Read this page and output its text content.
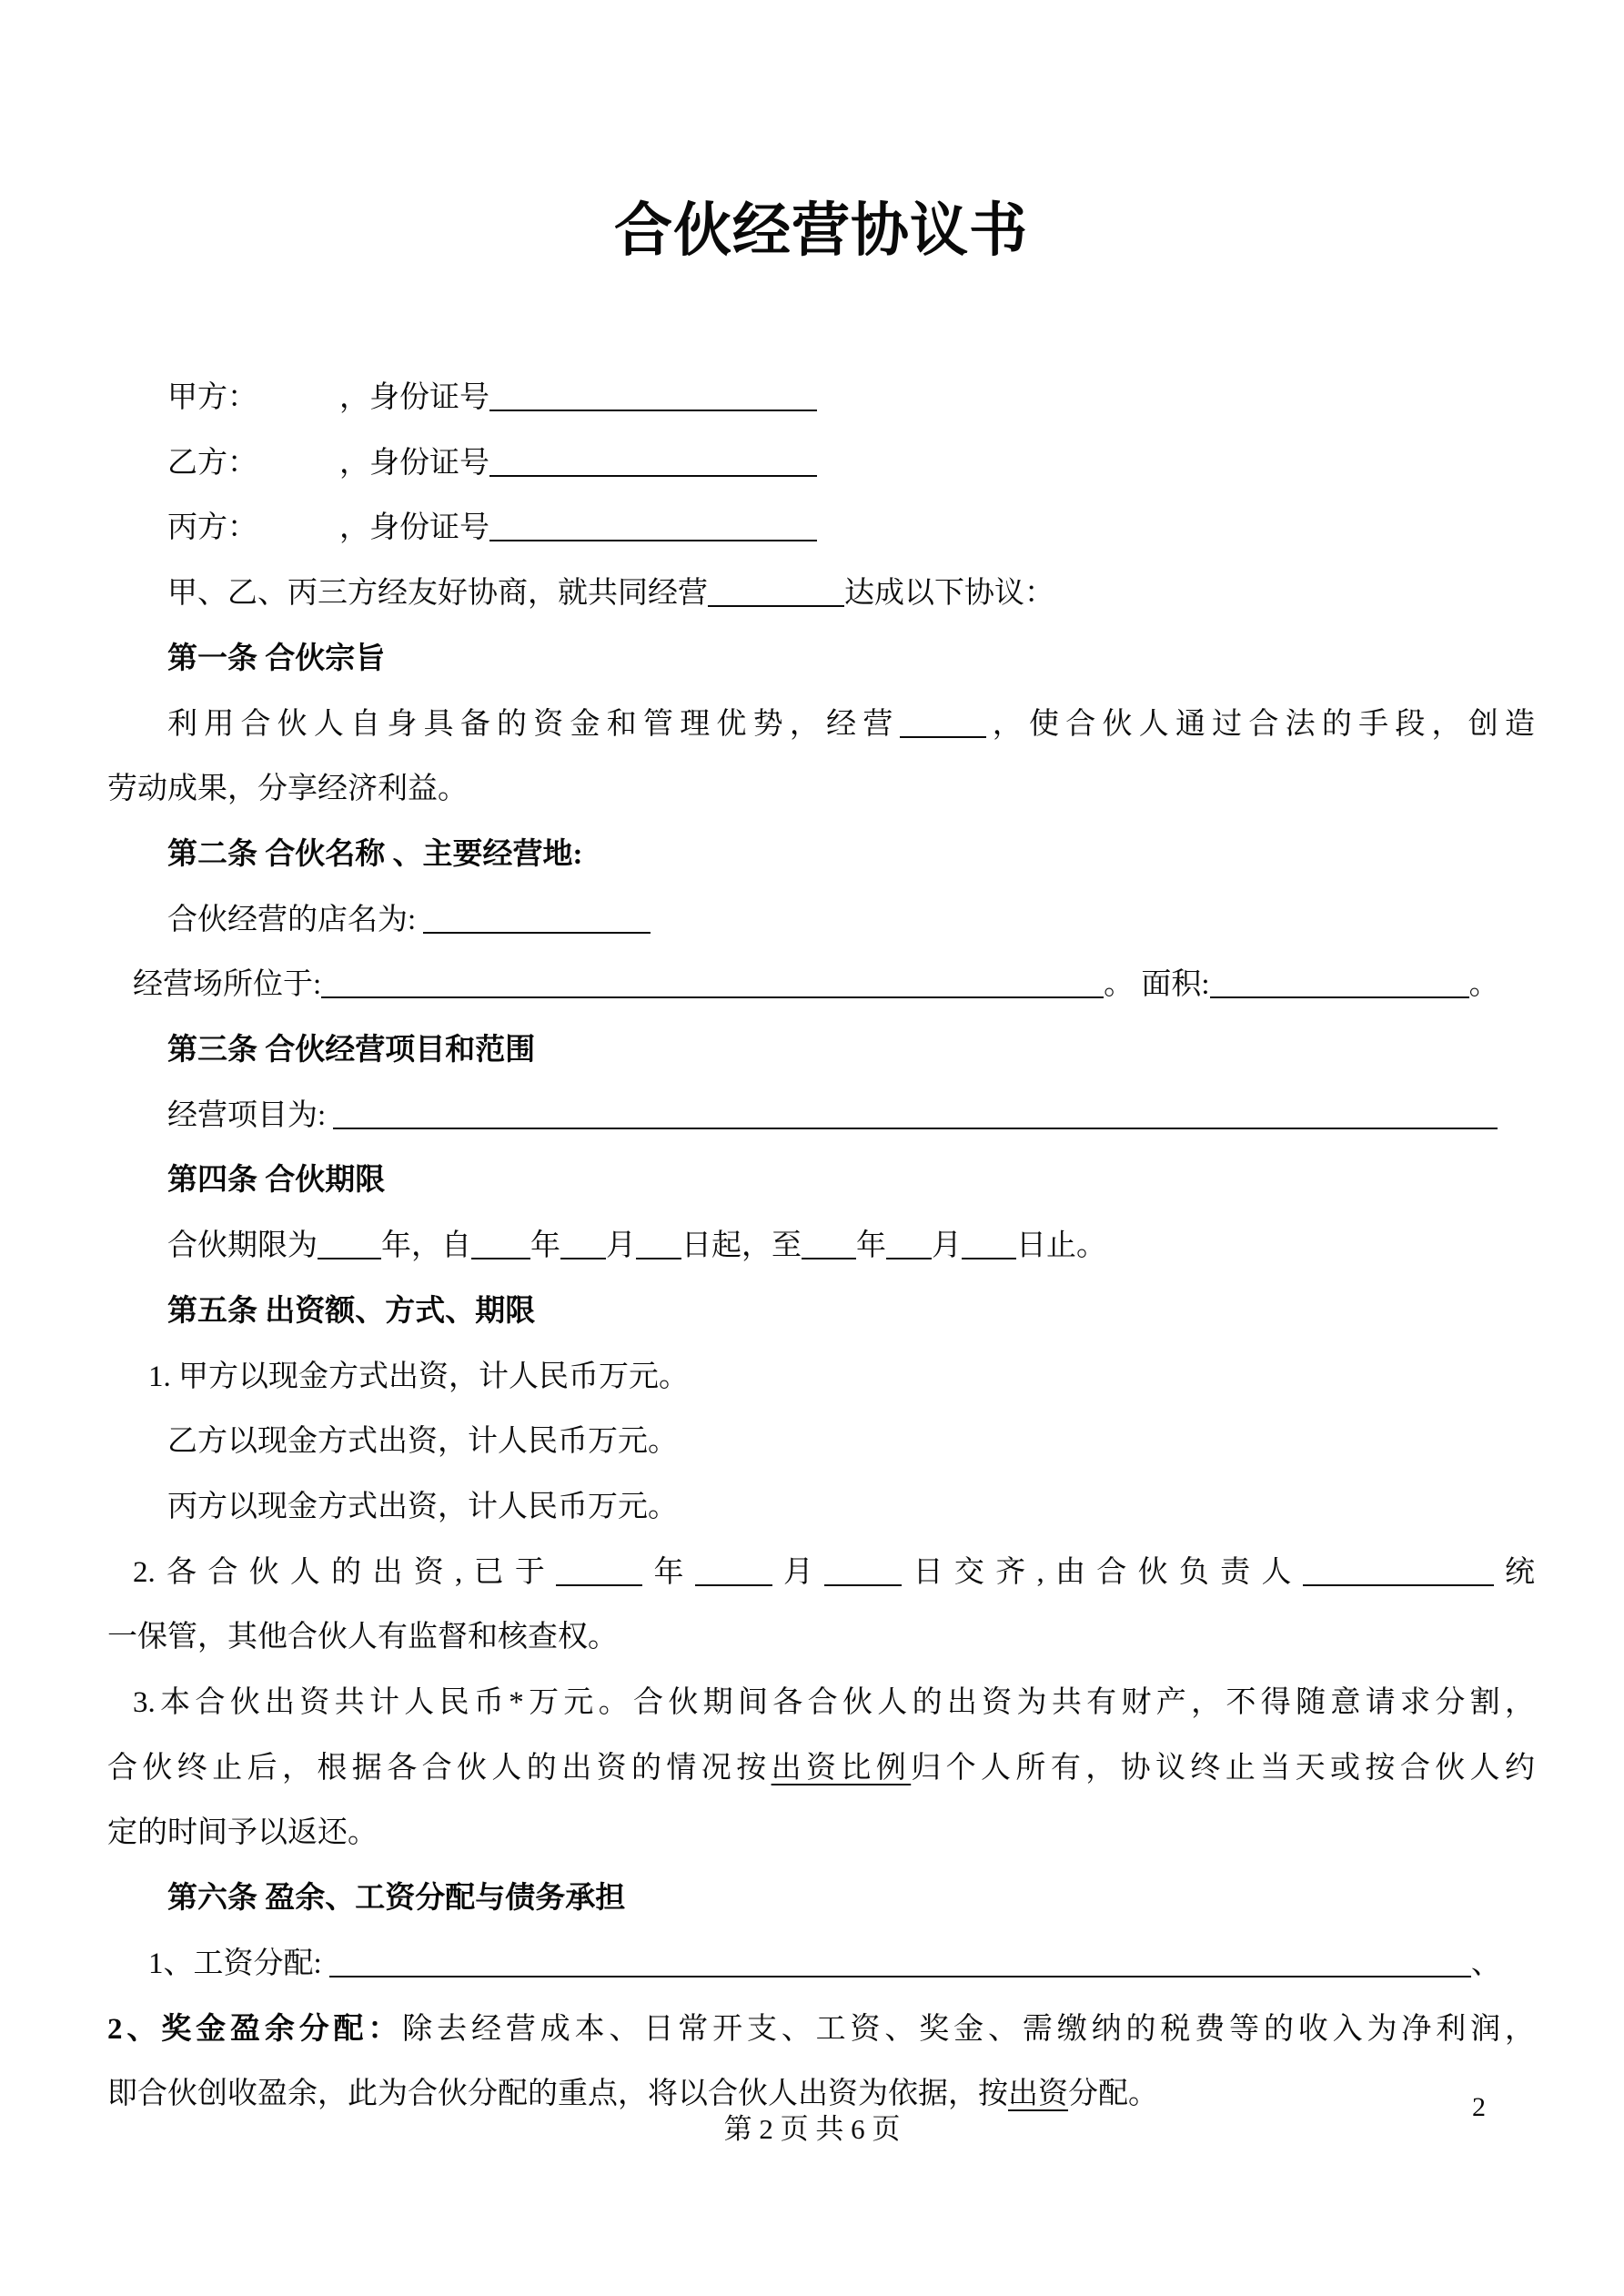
合伙经营协议书
甲方：	，身份证号
乙方：	，身份证号
丙方：	，身份证号
甲、乙、丙三方经友好协商，就共同经营	达成以下协议：
第一条 合伙宗旨
利用合伙人自身具备的资金和管理优势，经营	，使合伙人通过合法的手段，创造
劳动成果，分享经济利益。
第二条 合伙名称 、主要经营地:
合伙经营的店名为:
经营场所位于:	。 面积:	。
第三条 合伙经营项目和范围
经营项目为:
第四条 合伙期限
合伙期限为 年，自 年 月 日起，至 年 月 日止。
第五条 出资额、方式、期限
1. 甲方以现金方式出资，计人民币万元。
乙方以现金方式出资，计人民币万元。
丙方以现金方式出资，计人民币万元。
2.各合伙人的出资,已于	年	月	日交齐,由合伙负责人	统
一保管，其他合伙人有监督和核查权。
3.本合伙出资共计人民币*万元。合伙期间各合伙人的出资为共有财产，不得随意请求分割，
合伙终止后，根据各合伙人的出资的情况按出资比例归个人所有，协议终止当天或按合伙人约
定的时间予以返还。
第六条 盈余、工资分配与债务承担
1、工资分配:	、
2、奖金盈余分配：除去经营成本、日常开支、工资、奖金、需缴纳的税费等的收入为净利润，
即合伙创收盈余，此为合伙分配的重点，将以合伙人出资为依据，按出资分配。
第 2 页 共 6 页
2
